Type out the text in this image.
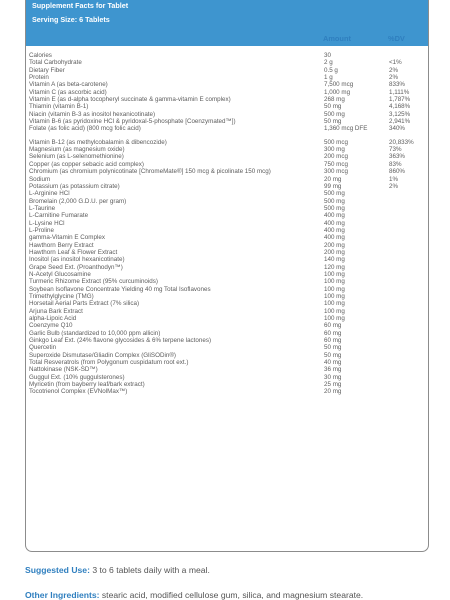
Supplement Facts for Tablet
Serving Size: 6 Tablets
Amount	%DV
Calories	30
Total Carbohydrate	2 g	<1%
Dietary Fiber	0.5 g	2%
Protein	1 g	2%
Vitamin A (as beta-carotene)	7,500 mcg	833%
Vitamin C (as ascorbic acid)	1,000 mg	1,111%
Vitamin E (as d-alpha tocopheryl succinate & gamma-vitamin E complex)	268 mg	1,787%
Thiamin (vitamin B-1)	50 mg	4,168%
Niacin (vitamin B-3 as inositol hexanicotinate)	500 mg	3,125%
Vitamin B-6 (as pyridoxine HCl & pyridoxal-5-phosphate [Coenzymated™])	50 mg	2,941%
Folate (as folic acid) (800 mcg folic acid)	1,360 mcg DFE	340%
Vitamin B-12 (as methylcobalamin & dibencozide)	500 mcg	20,833%
Magnesium (as magnesium oxide)	300 mg	73%
Selenium (as L-selenomethionine)	200 mcg	363%
Copper (as copper sebacic acid complex)	750 mcg	83%
Chromium (as chromium polynicotinate [ChromeMate®] 150 mcg & picolinate 150 mcg)	300 mcg	860%
Sodium	20 mg	1%
Potassium (as potassium citrate)	99 mg	2%
L-Arginine HCl	500 mg
Bromelain (2,000 G.D.U. per gram)	500 mg
L-Taurine	500 mg
L-Carnitine Fumarate	400 mg
L-Lysine HCl	400 mg
L-Proline	400 mg
gamma-Vitamin E Complex	400 mg
Hawthorn Berry Extract	200 mg
Hawthorn Leaf & Flower Extract	200 mg
Inositol (as inositol hexanicotinate)	140 mg
Grape Seed Ext. (Proanthodyn™)	120 mg
N-Acetyl Glucosamine	100 mg
Turmeric Rhizome Extract (95% curcuminoids)	100 mg
Soybean Isoflavone Concentrate Yielding 40 mg Total Isoflavones	100 mg
Trimethylglycine (TMG)	100 mg
Horsetail Aerial Parts Extract (7% silica)	100 mg
Arjuna Bark Extract	100 mg
alpha-Lipoic Acid	100 mg
Coenzyme Q10	60 mg
Garlic Bulb (standardized to 10,000 ppm allicin)	60 mg
Ginkgo Leaf Ext. (24% flavone glycosides & 6% terpene lactones)	60 mg
Quercetin	50 mg
Superoxide Dismutase/Gliadin Complex (GliSODin®)	50 mg
Total Resveratrols (from Polygonum cuspidatum root ext.)	40 mg
Nattokinase (NSK-SD™)	36 mg
Guggul Ext. (10% guggulsterones)	30 mg
Myricetin (from bayberry leaf/bark extract)	25 mg
Tocotrienol Complex (EVNolMax™)	20 mg
Suggested Use: 3 to 6 tablets daily with a meal.
Other Ingredients: stearic acid, modified cellulose gum, silica, and magnesium stearate.
